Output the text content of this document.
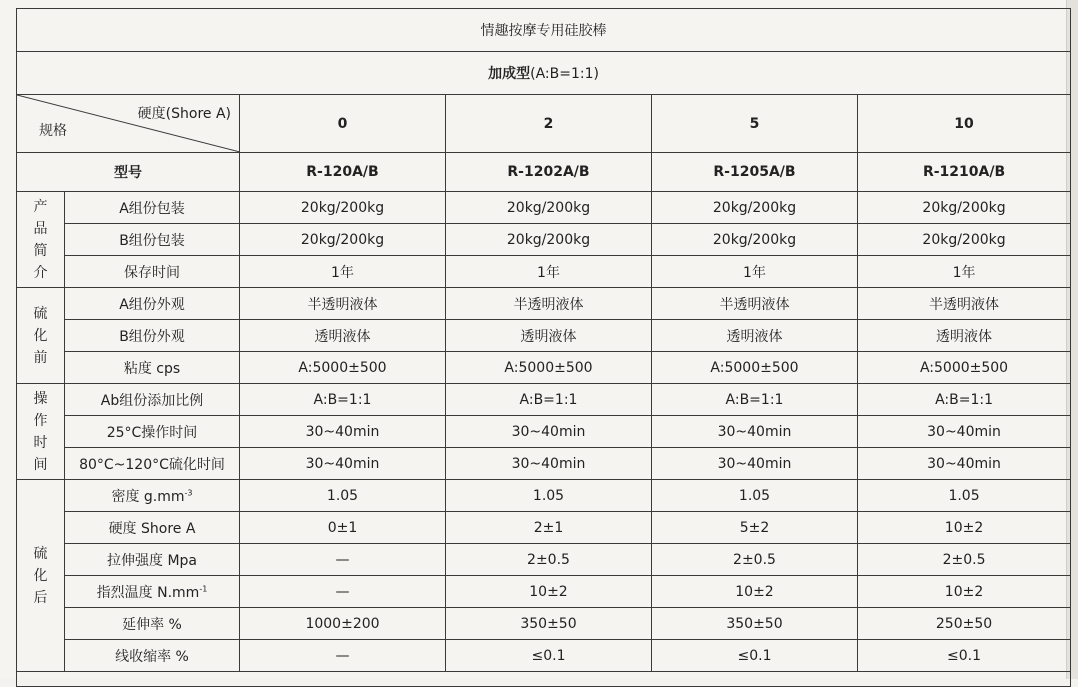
情趣按摩专用硅胶棒					
加成型(A:B=1:1)					

硬度(Shore A)
规格		0	2	5	10
型号		R-120A/B	R-1202A/B	R-1205A/B	R-1210A/B

产
品
简
介	A组份包装	20kg/200kg	20kg/200kg	20kg/200kg	20kg/200kg
	B组份包装	20kg/200kg	20kg/200kg	20kg/200kg	20kg/200kg
	保存时间	1年	1年	1年	1年

硫
化
前	A组份外观	半透明液体	半透明液体	半透明液体	半透明液体
	B组份外观	透明液体	透明液体	透明液体	透明液体
	粘度 cps	A:5000±500	A:5000±500	A:5000±500	A:5000±500

操
作
时
间	Ab组份添加比例	A:B=1:1	A:B=1:1	A:B=1:1	A:B=1:1
	25°C操作时间	30~40min	30~40min	30~40min	30~40min
	80°C~120°C硫化时间	30~40min	30~40min	30~40min	30~40min

硫
化
后	密度 $g.mm^{-3}$	1.05	1.05	1.05	1.05
	硬度 Shore A	0±1	2±1	5±2	10±2
	拉伸强度 Mpa	—	2±0.5	2±0.5	2±0.5
	指烈温度 $N.mm^{-1}$	—	10±2	10±2	10±2
	延伸率 %	1000±200	350±50	350±50	250±50
	线收缩率 %	—	≤0.1	≤0.1	≤0.1
